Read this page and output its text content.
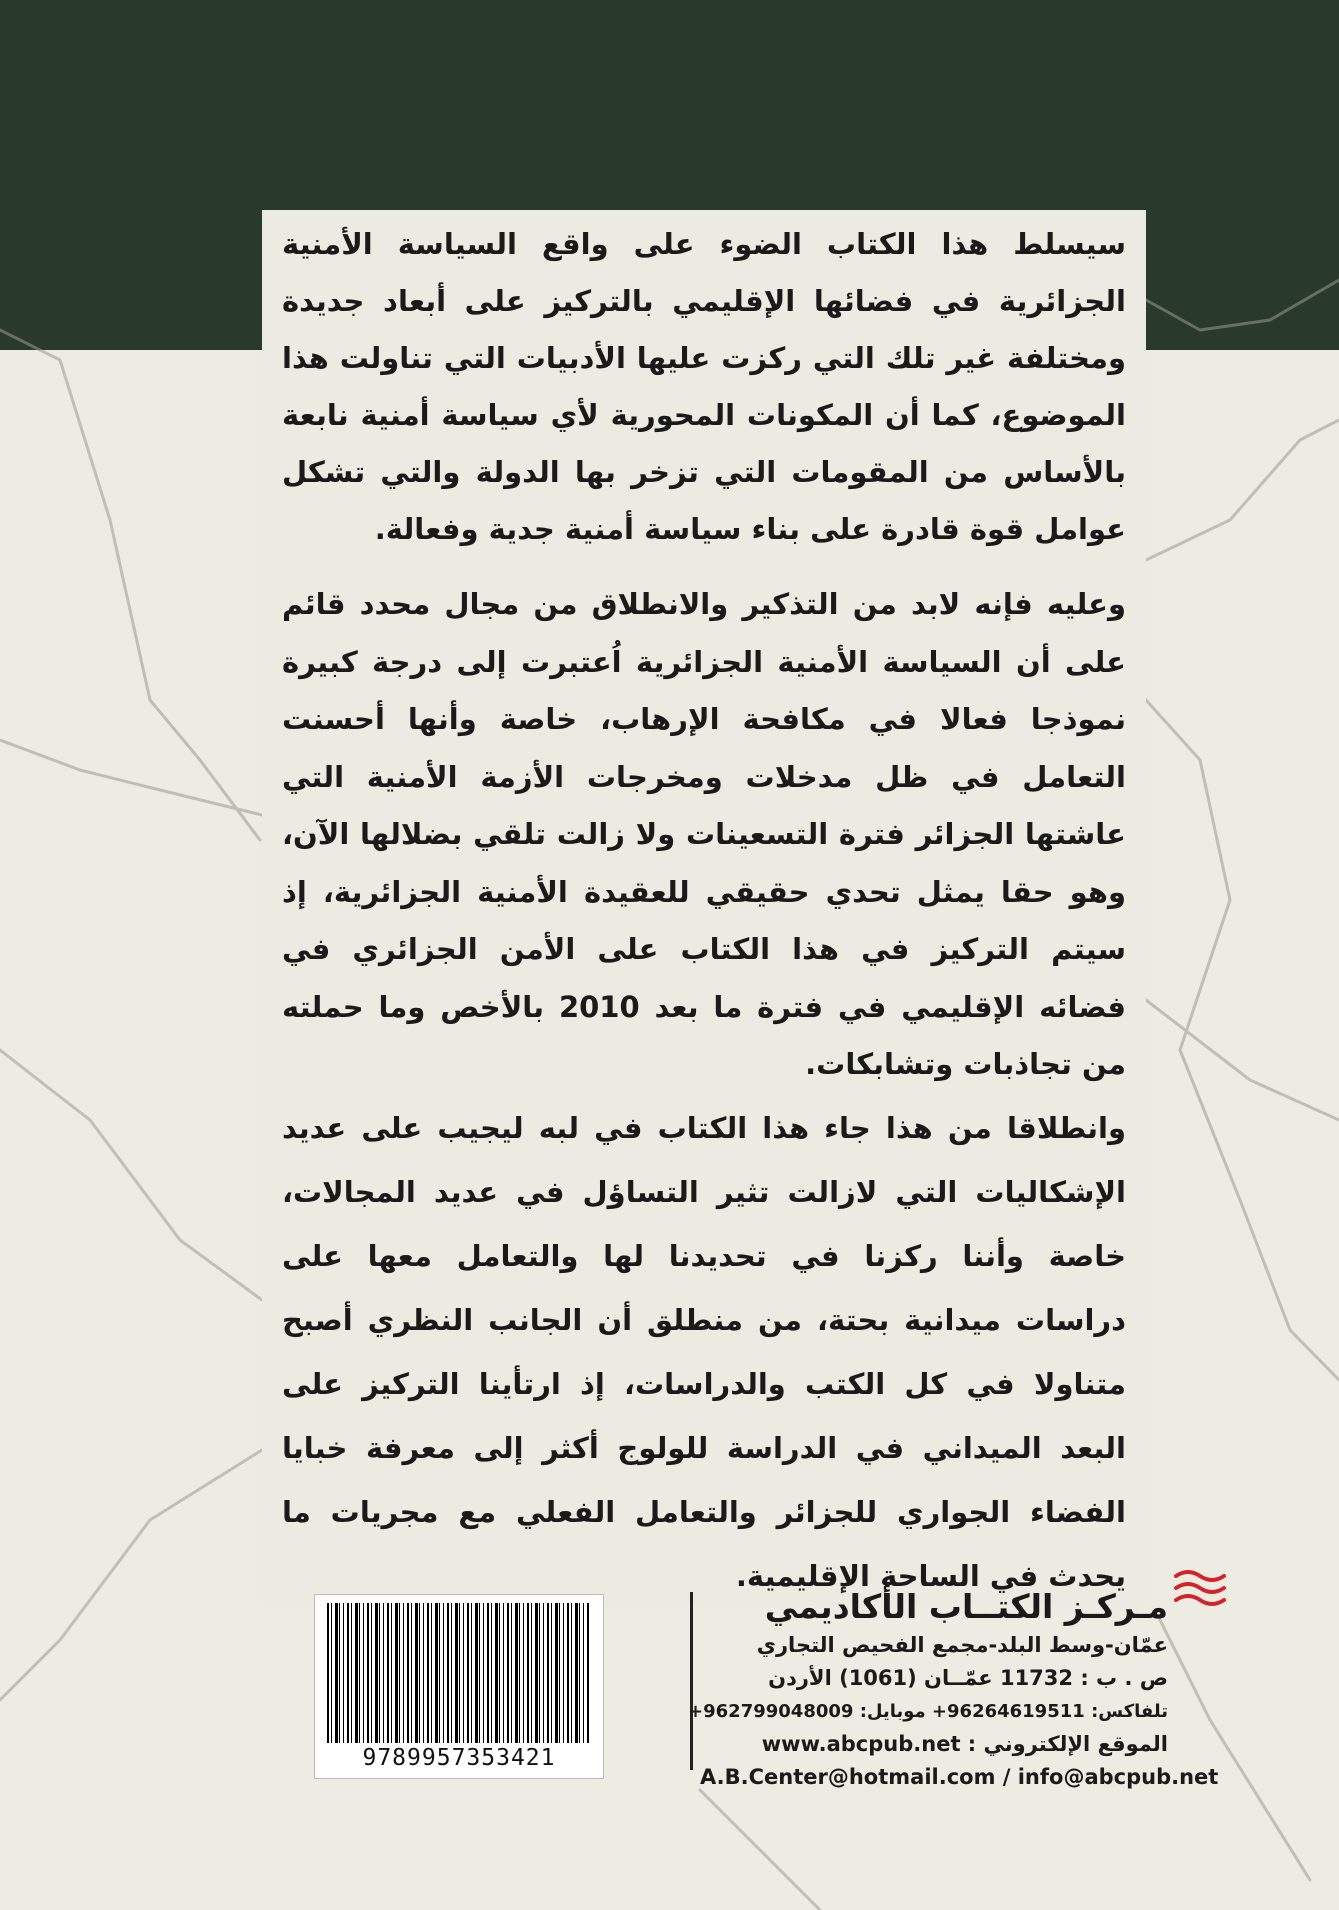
سيسلط هذا الكتاب الضوء على واقع السياسة الأمنية الجزائرية في فضائها الإقليمي بالتركيز على أبعاد جديدة ومختلفة غير تلك التي ركزت عليها الأدبيات التي تناولت هذا الموضوع، كما أن المكونات المحورية لأي سياسة أمنية نابعة بالأساس من المقومات التي تزخر بها الدولة والتي تشكل عوامل قوة قادرة على بناء سياسة أمنية جدية وفعالة.

وعليه فإنه لابد من التذكير والانطلاق من مجال محدد قائم على أن السياسة الأمنية الجزائرية اُعتبرت إلى درجة كبيرة نموذجا فعالا في مكافحة الإرهاب، خاصة وأنها أحسنت التعامل في ظل مدخلات ومخرجات الأزمة الأمنية التي عاشتها الجزائر فترة التسعينات ولا زالت تلقي بضلالها الآن، وهو حقا يمثل تحدي حقيقي للعقيدة الأمنية الجزائرية، إذ سيتم التركيز في هذا الكتاب على الأمن الجزائري في فضائه الإقليمي في فترة ما بعد 2010 بالأخص وما حملته من تجاذبات وتشابكات.

وانطلاقا من هذا جاء هذا الكتاب في لبه ليجيب على عديد الإشكاليات التي لازالت تثير التساؤل في عديد المجالات، خاصة وأننا ركزنا في تحديدنا لها والتعامل معها على دراسات ميدانية بحتة، من منطلق أن الجانب النظري أصبح متناولا في كل الكتب والدراسات، إذ ارتأينا التركيز على البعد الميداني في الدراسة للولوج أكثر إلى معرفة خبايا الفضاء الجواري للجزائر والتعامل الفعلي مع مجريات ما يحدث في الساحة الإقليمية.

9789957353421
مـركـز الكتــاب الأكاديمي
عمّان-وسط البلد-مجمع الفحيص التجاري
ص . ب : 11732 عمّــان (1061) الأردن
تلفاكس: 96264619511+ موبايل: 962799048009+
الموقع الإلكتروني : www.abcpub.net
A.B.Center@hotmail.com / info@abcpub.net
